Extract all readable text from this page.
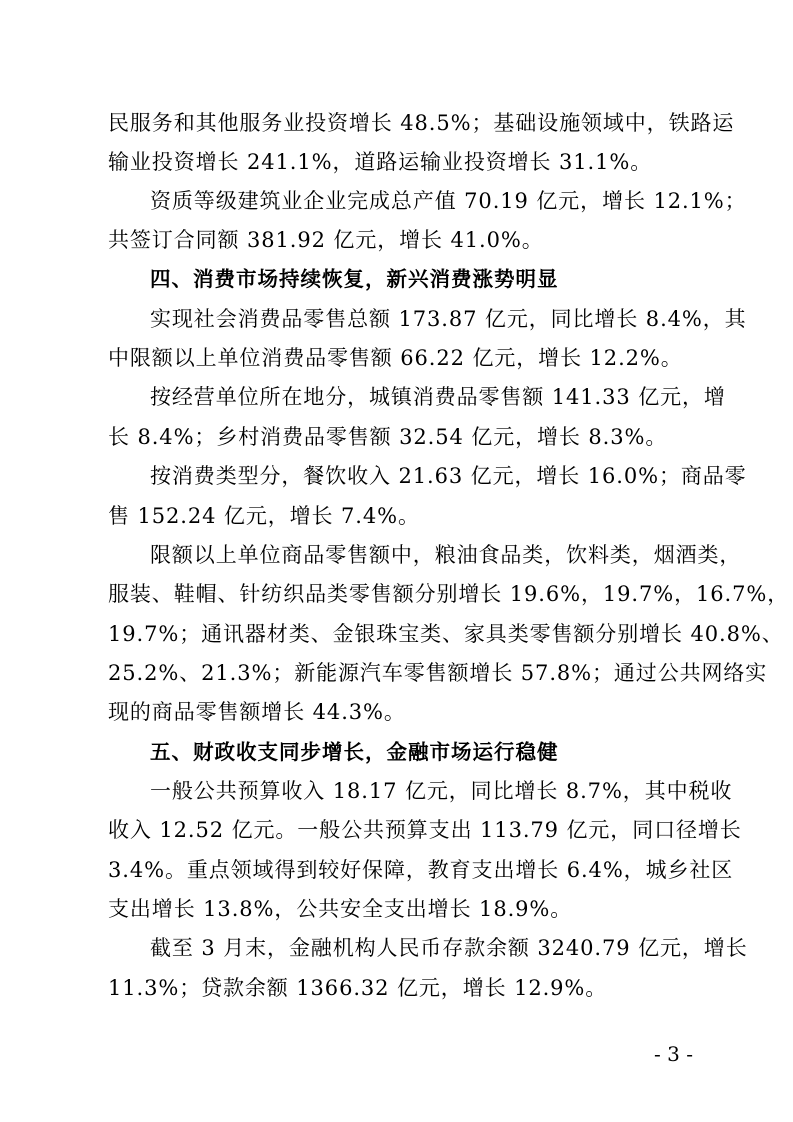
民服务和其他服务业投资增长 48.5%；基础设施领域中，铁路运
输业投资增长 241.1%，道路运输业投资增长 31.1%。
资质等级建筑业企业完成总产值 70.19 亿元，增长 12.1%；
共签订合同额 381.92 亿元，增长 41.0%。
四、消费市场持续恢复，新兴消费涨势明显
实现社会消费品零售总额 173.87 亿元，同比增长 8.4%，其
中限额以上单位消费品零售额 66.22 亿元，增长 12.2%。
按经营单位所在地分，城镇消费品零售额 141.33 亿元，增
长 8.4%；乡村消费品零售额 32.54 亿元，增长 8.3%。
按消费类型分，餐饮收入 21.63 亿元，增长 16.0%；商品零
售 152.24 亿元，增长 7.4%。
限额以上单位商品零售额中，粮油食品类，饮料类，烟酒类，
服装、鞋帽、针纺织品类零售额分别增长 19.6%，19.7%，16.7%，
19.7%；通讯器材类、金银珠宝类、家具类零售额分别增长 40.8%、
25.2%、21.3%；新能源汽车零售额增长 57.8%；通过公共网络实
现的商品零售额增长 44.3%。
五、财政收支同步增长，金融市场运行稳健
一般公共预算收入 18.17 亿元，同比增长 8.7%，其中税收
收入 12.52 亿元。一般公共预算支出 113.79 亿元，同口径增长
3.4%。重点领域得到较好保障，教育支出增长 6.4%，城乡社区
支出增长 13.8%，公共安全支出增长 18.9%。
截至 3 月末，金融机构人民币存款余额 3240.79 亿元，增长
11.3%；贷款余额 1366.32 亿元，增长 12.9%。
- 3 -
